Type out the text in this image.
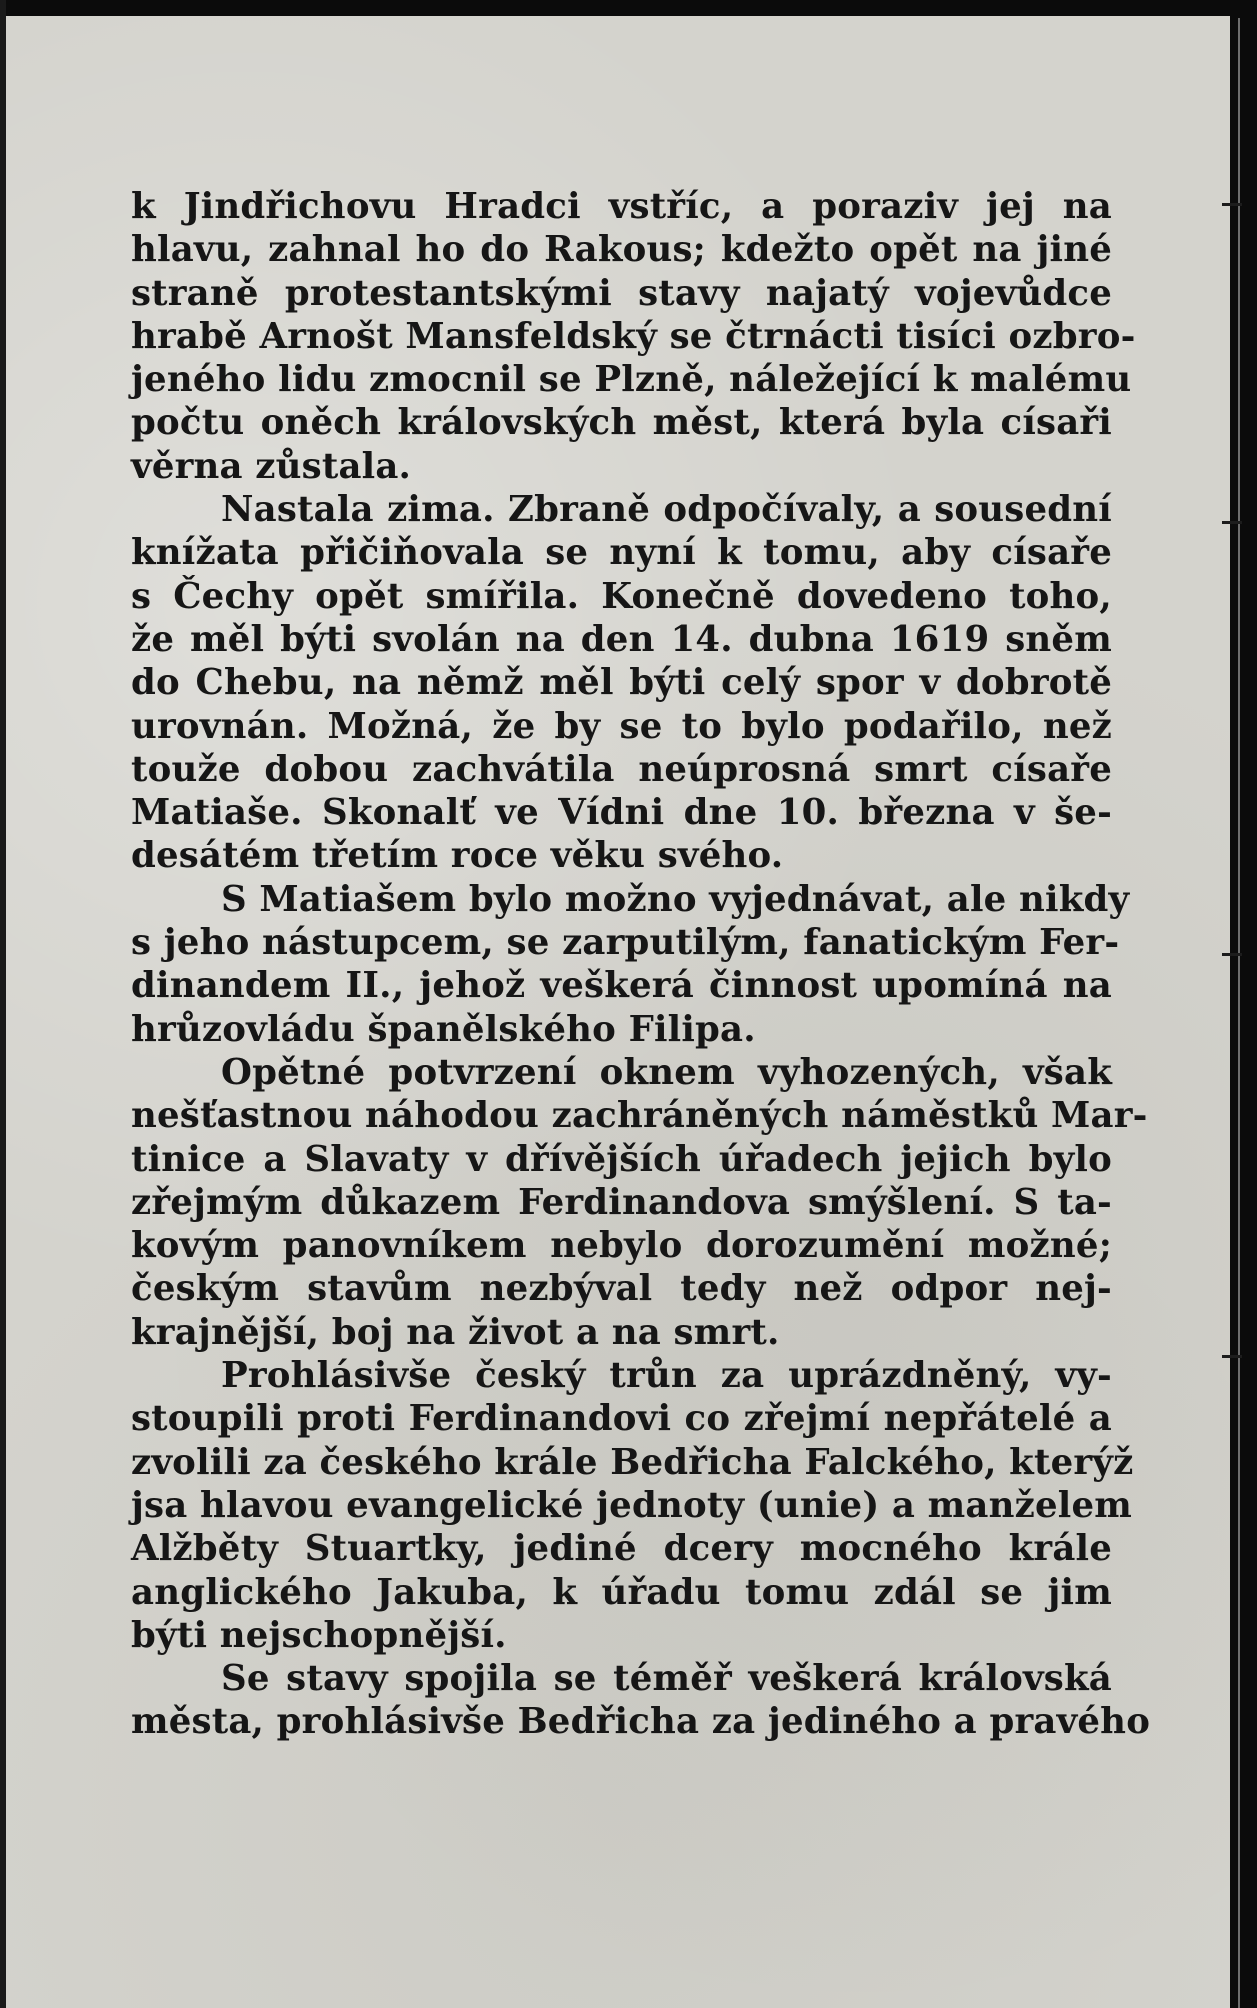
k Jindřichovu Hradci vstříc, a poraziv jej na
hlavu, zahnal ho do Rakous; kdežto opět na jiné
straně protestantskými stavy najatý vojevůdce
hrabě Arnošt Mansfeldský se čtrnácti tisíci ozbro-
jeného lidu zmocnil se Plzně, náležející k malému
počtu oněch královských měst, která byla císaři
věrna zůstala.
Nastala zima. Zbraně odpočívaly, a sousední
knížata přičiňovala se nyní k tomu, aby císaře
s Čechy opět smířila. Konečně dovedeno toho,
že měl býti svolán na den 14. dubna 1619 sněm
do Chebu, na němž měl býti celý spor v dobrotě
urovnán. Možná, že by se to bylo podařilo, než
touže dobou zachvátila neúprosná smrt císaře
Matiaše. Skonalť ve Vídni dne 10. března v še-
desátém třetím roce věku svého.
S Matiašem bylo možno vyjednávat, ale nikdy
s jeho nástupcem, se zarputilým, fanatickým Fer-
dinandem II., jehož veškerá činnost upomíná na
hrůzovládu španělského Filipa.
Opětné potvrzení oknem vyhozených, však
nešťastnou náhodou zachráněných náměstků Mar-
tinice a Slavaty v dřívějších úřadech jejich bylo
zřejmým důkazem Ferdinandova smýšlení. S ta-
kovým panovníkem nebylo dorozumění možné;
českým stavům nezbýval tedy než odpor nej-
krajnější, boj na život a na smrt.
Prohlásivše český trůn za uprázdněný, vy-
stoupili proti Ferdinandovi co zřejmí nepřátelé a
zvolili za českého krále Bedřicha Falckého, kterýž
jsa hlavou evangelické jednoty (unie) a manželem
Alžběty Stuartky, jediné dcery mocného krále
anglického Jakuba, k úřadu tomu zdál se jim
býti nejschopnější.
Se stavy spojila se téměř veškerá královská
města, prohlásivše Bedřicha za jediného a pravého
